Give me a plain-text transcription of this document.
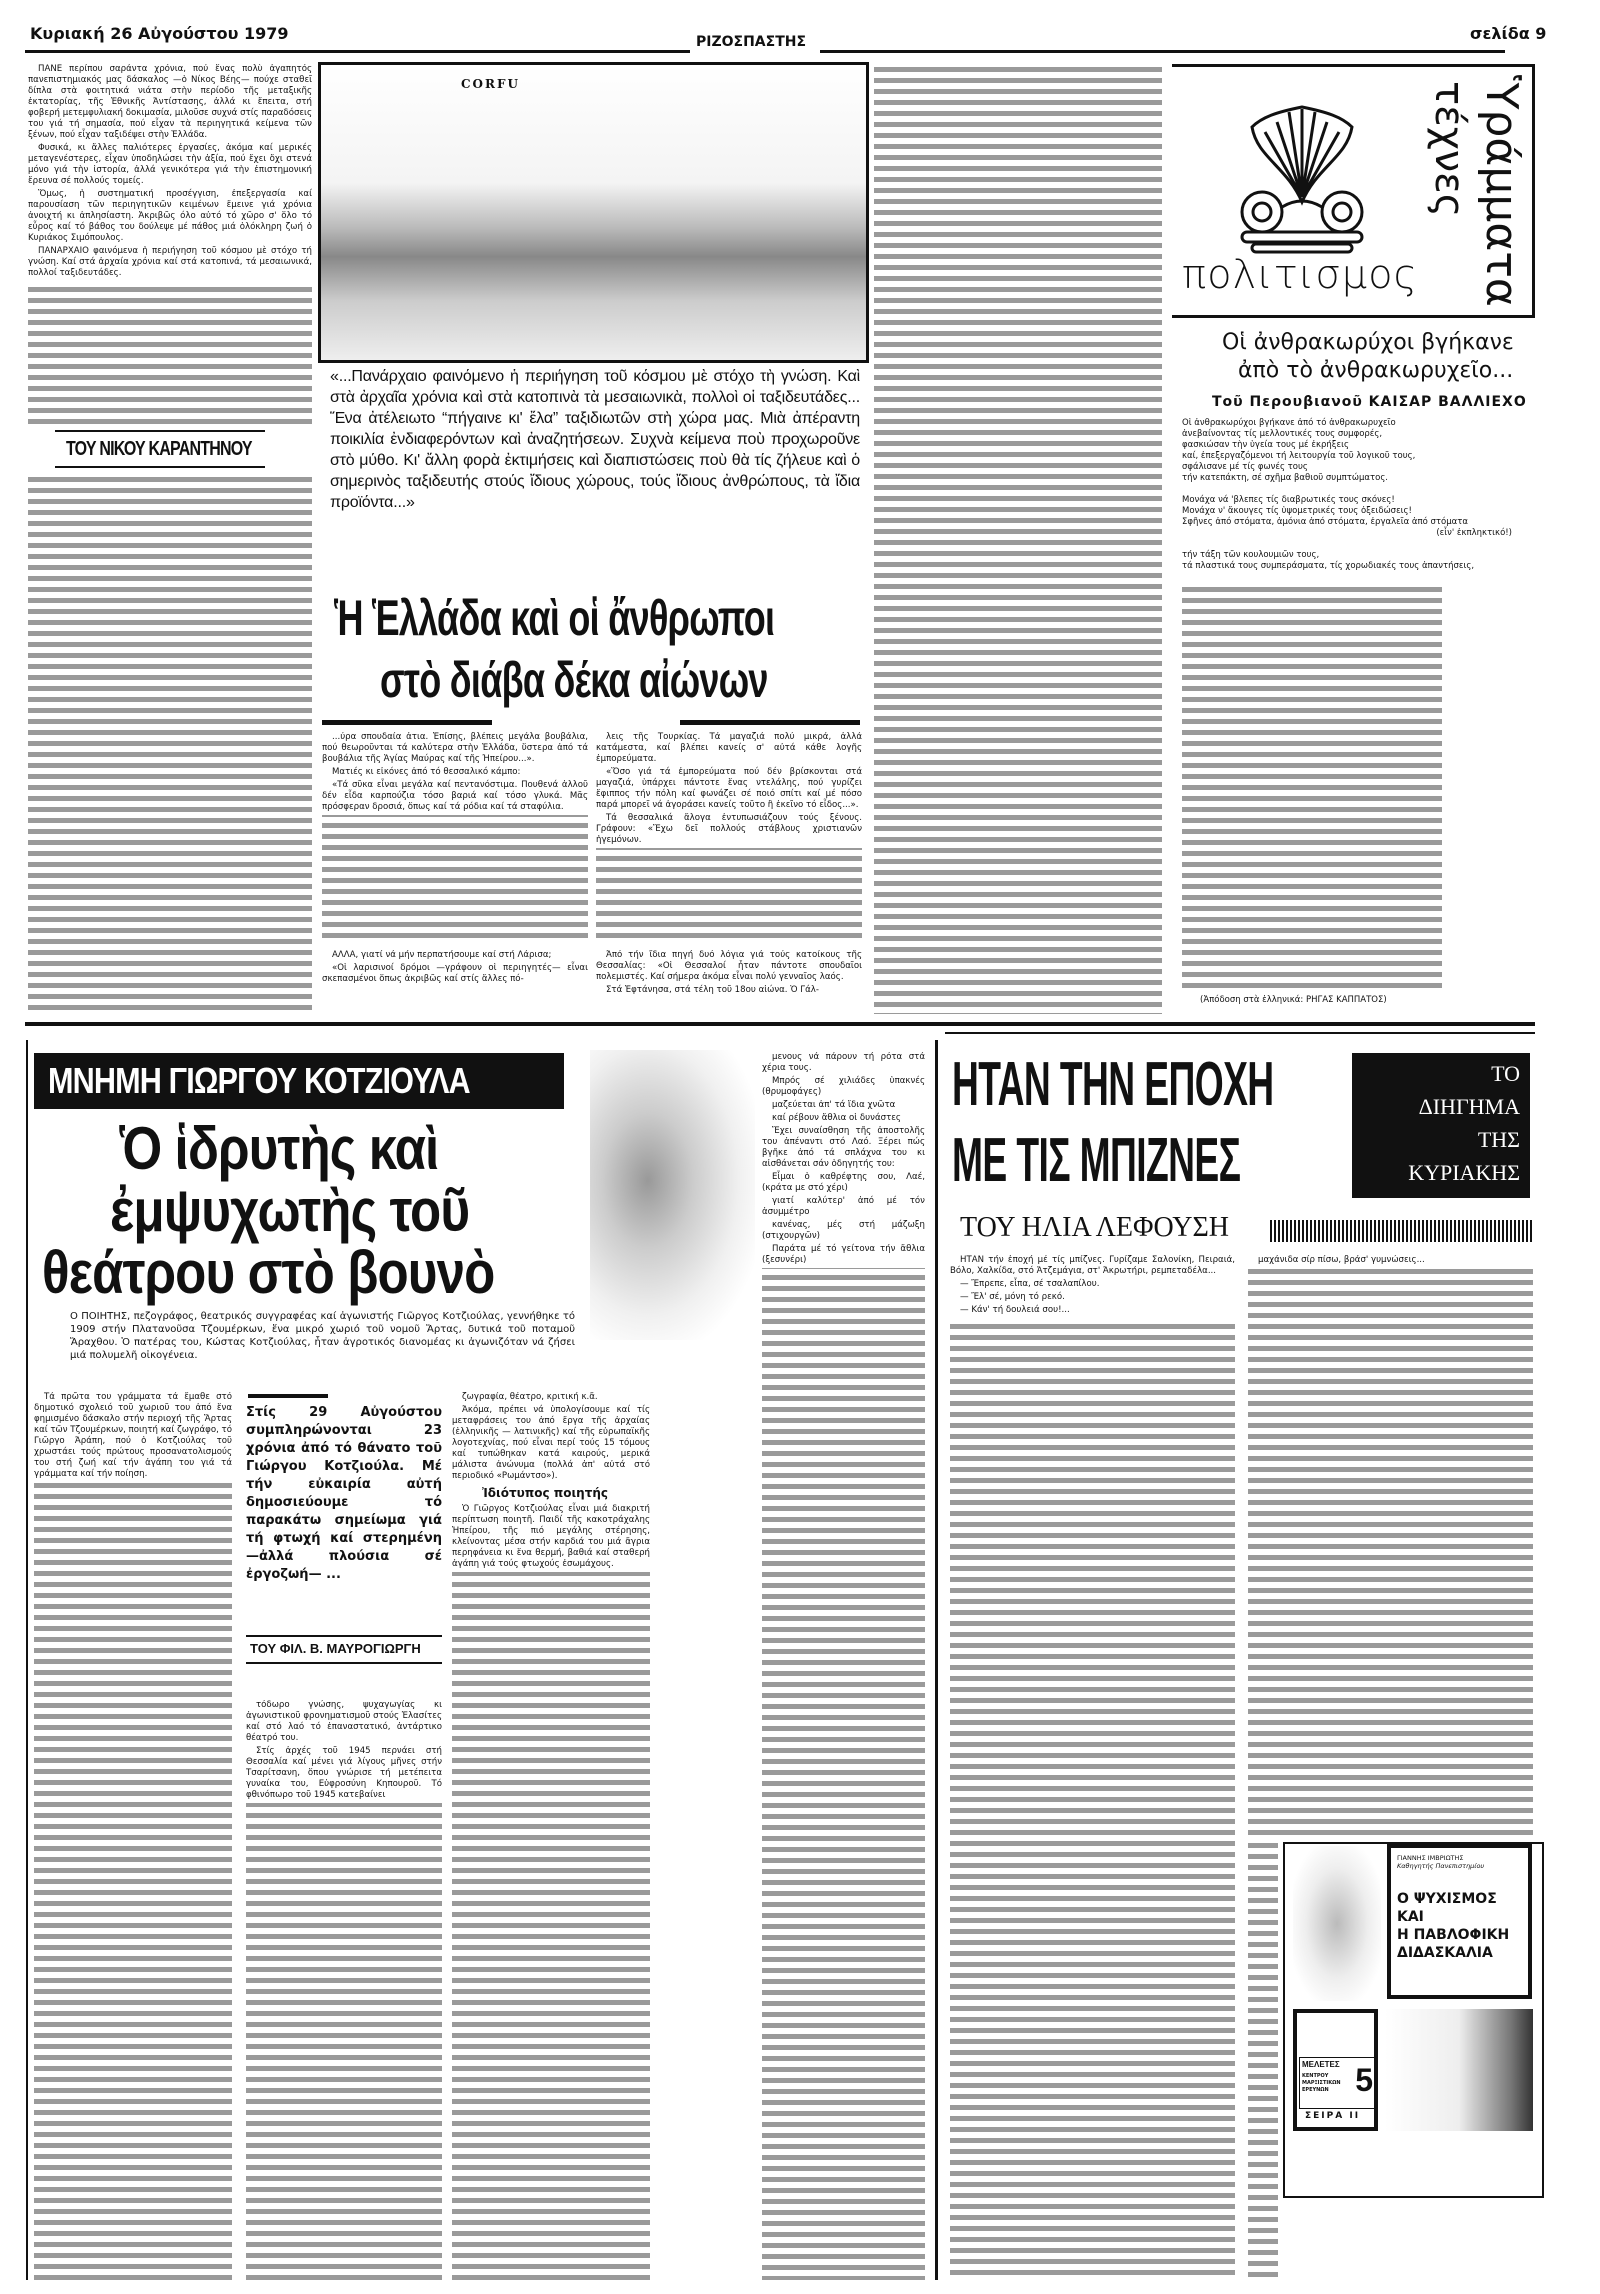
Κυριακή 26 Αὐγούστου 1979	ΡΙΖΟΣΠΑΣΤΗΣ	σελίδα 9

ΠΑΝΕ περίπου σαράντα χρόνια, πού ἕνας πολὺ ἀγαπητός πανεπιστημιακός μας δάσκαλος —ὁ Νίκος Βέης— πούχε σταθεῖ δίπλα στὰ φοιτητικά νιάτα στὴν περίοδο τῆς μεταξικῆς ἐκτατορίας, τῆς Ἐθνικῆς Ἀντίστασης, ἀλλά κι ἔπειτα, στή φοβερή μετεμφυλιακή δοκιμασία, μιλοῦσε συχνά στίς παραδόσεις του γιά τή σημασία, πού εἶχαν τὰ περιηγητικά κείμενα τῶν ξένων, πού εἶχαν ταξιδέψει στὴν Ἑλλάδα.

Φυσικά, κι ἄλλες παλιότερες ἐργασίες, ἀκόμα καί μερικές μεταγενέστερες, εἶχαν ὑποδηλώσει τὴν ἀξία, πού ἔχει ὄχι στενά μόνο γιά τὴν ἱστορία, ἀλλά γενικότερα γιά τὴν ἐπιστημονική ἔρευνα σέ πολλούς τομείς.

Ὅμως, ἡ συστηματική προσέγγιση, ἐπεξεργασία καί παρουσίαση τῶν περιηγητικῶν κειμένων ἔμεινε γιά χρόνια ἀνοιχτή κι ἀπλησίαστη. Ἀκριβῶς όλο αὐτό τό χῶρο σ' ὅλο τό εὖρος καί τό βάθος του δούλεψε μέ πάθος μιά ὁλόκληρη ζωή ὁ Κυριάκος Σιμόπουλος.

ΠΑΝΑΡΧΑΙΟ φαινόμενα ἡ περιήγηση τοῦ κόσμου μὲ στόχο τή γνώση. Καί στά ἀρχαία χρόνια καί στά κατοπινά, τά μεσαιωνικά, πολλοί ταξιδευτάδες.

ΤΟΥ ΝΙΚΟΥ ΚΑΡΑΝΤΗΝΟΥ
CORFU
«...Πανάρχαιο φαινόμενο ἡ περιήγηση τοῦ κόσμου μὲ στόχο τὴ γνώση. Καὶ στὰ ἀρχαῖα χρόνια καὶ στὰ κατοπινὰ τὰ μεσαιωνικὰ, πολλοὶ οἱ ταξιδευτάδες... Ἕνα ἀτέλειωτο “πήγαινε κι' ἔλα” ταξιδιωτῶν στὴ χώρα μας. Μιὰ ἀπέραντη ποικιλία ἐνδιαφερόντων καὶ ἀναζητήσεων. Συχνὰ κείμενα ποὺ προχωροῦνε στὸ μύθο. Κι' ἄλλη φορὰ ἐκτιμήσεις καὶ διαπιστώσεις ποὺ θὰ τίς ζήλευε καὶ ὁ σημερινὸς ταξιδευτής στούς ἴδιους χώρους, τούς ἴδιους ἀνθρώπους, τὰ ἴδια προϊόντα...»
Ἡ Ἑλλάδα καὶ οἱ ἄνθρωποι
στὸ διάβα δέκα αἰώνων

...ύρα σπουδαία ἀτια. Ἐπίσης, βλέπεις μεγάλα βουβάλια, πού θεωροῦνται τά καλύτερα στὴν Ἑλλάδα, ὕστερα ἀπό τά βουβάλια τῆς Ἁγίας Μαύρας καί τῆς Ἠπείρου...».

Ματιές κι εἰκόνες ἀπό τό θεσσαλικό κάμπο:

«Τά σῦκα εἶναι μεγάλα καί πεντανόστιμα. Πουθενά ἀλλοῦ δέν εἶδα καρπούζια τόσο βαριά καί τόσο γλυκά. Μᾶς πρόσφεραν δροσιά, ὅπως καί τά ρόδια καί τά σταφύλια.

ΑΛΛΑ, γιατί νά μήν περπατήσουμε καί στή Λάρισα;

«Οἱ λαρισινοί δρόμοι —γράφουν οἱ περιηγητές— εἶναι σκεπασμένοι ὅπως ἀκριβῶς καί στίς ἄλλες πό-

λεις τῆς Τουρκίας. Τά μαγαζιά πολύ μικρά, ἀλλά κατάμεστα, καί βλέπει κανείς σ' αὐτά κάθε λογῆς ἐμπορεύματα.

«Ὅσο γιά τά ἐμπορεύματα πού δέν βρίσκονται στά μαγαζιά, ὑπάρχει πάντοτε ἕνας ντελάλης, πού γυρίζει ἔφιππος τήν πόλη καί φωνάζει σέ ποιό σπίτι καί μέ πόσο παρά μπορεῖ νά ἀγοράσει κανείς τοῦτο ἢ ἐκεῖνο τό εἶδος...».

Τά θεσσαλικά ἄλογα ἐντυπωσιάζουν τούς ξένους. Γράφουν: «Ἔχω δεῖ πολλούς στάβλους χριστιανῶν ἡγεμόνων.

Ἀπό τήν ἴδια πηγή δυό λόγια γιά τούς κατοίκους τῆς Θεσσαλίας: «Οἱ Θεσσαλοί ἦταν πάντοτε σπουδαῖοι πολεμιστές. Καί σήμερα ἀκόμα εἶναι πολύ γενναῖος λαός.

Στά Ἑφτάνησα, στά τέλη τοῦ 18ου αἰώνα. Ὁ Γάλ-

πολιτισμος
τέχνες Ὑράμματα
Οἱ ἀνθρακωρύχοι βγήκανε
ἀπὸ τὸ ἀνθρακωρυχεῖο...
Τοῦ Περουβιανοῦ ΚΑΙΣΑΡ ΒΑΛΛΙΕΧΟ
Οἱ ἀνθρακωρύχοι βγήκανε ἀπό τό ἀνθρακωρυχεῖο
ἀνεβαίνοντας τίς μελλοντικές τους συμφορές,
φασκιώσαν τὴν ὑγεία τους μέ ἐκρήξεις
καί, ἐπεξεργαζόμενοι τή λειτουργία τοῦ λογικοῦ τους,
σφάλισανε μέ τίς φωνές τους
τήν κατεπάκτη, σέ σχῆμα βαθιοῦ συμπτώματος.
Μονάχα νά 'βλεπες τίς διαβρωτικές τους σκόνες!
Μονάχα ν' ἄκουγες τίς ὑψομετρικές τους ὀξειδώσεις!
Σφῆνες ἀπό στόματα, ἀμόνια ἀπό στόματα, ἐργαλεῖα ἀπό στόματα
(εἶν' ἐκπληκτικό!)
τήν τάξη τῶν κουλουμιῶν τους,
τά πλαστικά τους συμπεράσματα, τίς χορωδιακές τους ἀπαντήσεις,
(Ἀπόδοση στὰ ἑλληνικά: ΡΗΓΑΣ ΚΑΠΠΑΤΟΣ)
ΜΝΗΜΗ ΓΙΩΡΓΟΥ ΚΟΤΖΙΟΥΛΑ
Ὁ ἱδρυτὴς καὶ
ἐμψυχωτὴς τοῦ
θεάτρου στὸ βουνὸ
Ο ΠΟΙΗΤΗΣ, πεζογράφος, θεατρικός συγγραφέας καί ἀγωνιστής Γιῶργος Κοτζιούλας, γεννήθηκε τό 1909 στήν Πλατανοῦσα Τζουμέρκων, ἕνα μικρό χωριό τοῦ νομοῦ Ἄρτας, δυτικά τοῦ ποταμοῦ Ἄραχθου. Ὁ πατέρας του, Κώστας Κοτζιούλας, ἦταν ἀγροτικός διανομέας κι ἀγωνιζόταν νά ζήσει μιά πολυμελῆ οἰκογένεια.

Τά πρῶτα του γράμματα τά ἔμαθε στό δημοτικό σχολειό τοῦ χωριοῦ του ἀπό ἕνα φημισμένο δάσκαλο στήν περιοχή τῆς Ἄρτας καί τῶν Τζουμέρκων, ποιητή καί ζωγράφο, τό Γιῶργο Ἀράπη, πού ὁ Κοτζιούλας τοῦ χρωστάει τούς πρώτους προσανατολισμούς του στή ζωή καί τήν ἀγάπη του γιά τά γράμματα καί τήν ποίηση.

Στίς 29 Αὐγούστου συμπληρώνονται 23 χρόνια ἀπό τό θάνατο τοῦ Γιώργου Κοτζιούλα. Μέ τήν εὐκαιρία αὐτή δημοσιεύουμε τό παρακάτω σημείωμα γιά τή φτωχή καί στερημένη —ἀλλά πλούσια σέ ἐργοζωή— ...
ΤΟΥ ΦΙΛ. Β. ΜΑΥΡΟΓΙΩΡΓΗ

τόδωρο γνώσης, ψυχαγωγίας κι ἀγωνιστικοῦ φρονηματισμοῦ στούς Ἐλασίτες καί στό λαό τό ἐπαναστατικό, ἀντάρτικο θέατρό του.

Στίς ἀρχές τοῦ 1945 περνάει στή Θεσσαλία καί μένει γιά λίγους μῆνες στήν Τσαρίτσανη, ὅπου γνώρισε τή μετέπειτα γυναίκα του, Εὐφροσύνη Κηπουροῦ. Τό φθινόπωρο τοῦ 1945 κατεβαίνει

ζωγραφία, θέατρο, κριτική κ.ἄ.

Ἀκόμα, πρέπει νά ὑπολογίσουμε καί τίς μεταφράσεις του ἀπό ἔργα τῆς ἀρχαίας (ἑλληνικῆς — λατινικῆς) καί τῆς εὐρωπαϊκῆς λογοτεχνίας, πού εἶναι περί τούς 15 τόμους καί τυπώθηκαν κατά καιρούς, μερικά μάλιστα ἀνώνυμα (πολλά ἀπ' αὐτά στό περιοδικό «Ρωμάντσο»).

Ἰδιότυπος ποιητής

Ὁ Γιῶργος Κοτζιούλας εἶναι μιά διακριτή περίπτωση ποιητῆ. Παιδί τῆς κακοτράχαλης Ἠπείρου, τῆς πιό μεγάλης στέρησης, κλείνοντας μέσα στήν καρδιά του μιά ἄγρια περηφάνεια κι ἕνα θερμή, βαθιά καί σταθερή ἀγάπη γιά τούς φτωχούς ἐσωμάχους.

μενους νά πάρουν τή ρότα στά χέρια τους.

Μπρός σέ χιλιάδες ὑπακνές (θρυμοφάγες)

μαζεύεται ἀπ' τά ἴδια χνῶτα

καί ρέβουν ἄθλια οἱ δυνάστες

Ἔχει συναίσθηση τῆς ἀποστολῆς του ἀπέναντι στό Λαό. Ξέρει πώς βγῆκε ἀπό τά σπλάχνα του κι αἰσθάνεται σάν ὁδηγητής του:

Εἶμαι ὁ καθρέφτης σου, Λαέ, (κράτα με στό χέρι)

γιατί καλύτερ' ἀπό μέ τόν ἀσυμμέτρο

κανένας, μές στή μάζωξη (στιχουργῶν)

Παράτα μέ τό γείτονα τήν ἄθλια (ξεσυνέρι)

ΗΤΑΝ ΤΗΝ ΕΠΟΧΗ
ΜΕ ΤΙΣ ΜΠΙΖΝΕΣ
ΤΟ
ΔΙΗΓΗΜΑ
ΤΗΣ
ΚΥΡΙΑΚΗΣ
ΤΟΥ ΗΛΙΑ ΛΕΦΟΥΣΗ

ΗΤΑΝ τήν ἐποχή μέ τίς μπίζνες. Γυρίζαμε Σαλονίκη, Πειραιά, Βόλο, Χαλκίδα, στό Ἀτζεμάγια, στ' Ἀκρωτήρι, ρεμπεταδέλα...

— Ἔπρεπε, εἶπα, σέ τσαλαπίλου.

— Ἔλ' σέ, μόνη τό ρεκό.

— Κάν' τή δουλειά σου!...

μαχάνιδα σίρ πίσω, βράσ' γυμνώσεις...

ΓΙΑΝΝΗΣ ΙΜΒΡΙΩΤΗΣ
Καθηγητής Πανεπιστημίου
Ο ΨΥΧΙΣΜΟΣ
ΚΑΙ
Η ΠΑΒΛΟΦΙΚΗ
ΔΙΔΑΣΚΑΛΙΑ
ΜΕΛΕΤΕΣ
ΚΕΝΤΡΟΥ
ΜΑΡΞΙΣΤΙΚΩΝ
ΕΡΕΥΝΩΝ 5
ΣΕΙΡΑ ΙΙ
